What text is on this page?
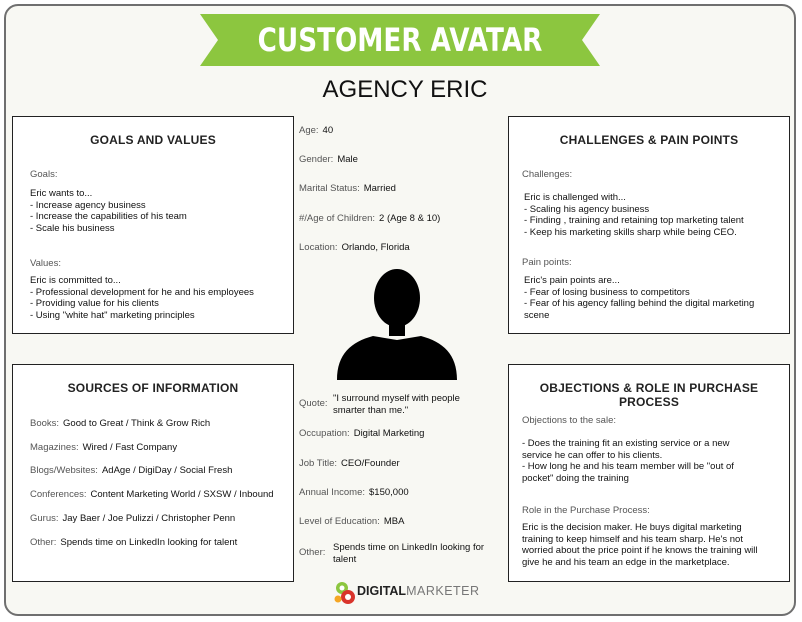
CUSTOMER AVATAR
AGENCY ERIC
GOALS AND VALUES
Goals:
Eric wants to...
- Increase agency business
- Increase the capabilities of his team
- Scale his business
Values:
Eric is committed to...
- Professional development for he and his employees
- Providing value for his clients
- Using "white hat" marketing principles
CHALLENGES & PAIN POINTS
Challenges:
Eric is challenged with...
- Scaling his agency business
- Finding , training and retaining top marketing talent
- Keep his marketing skills sharp while being CEO.
Pain points:
Eric's pain points are...
- Fear of losing business to competitors
- Fear of his agency falling behind the digital marketing
scene
Age: 40
Gender: Male
Marital Status: Married
#/Age of Children: 2 (Age 8 & 10)
Location: Orlando, Florida
SOURCES OF INFORMATION
Books: Good to Great / Think & Grow Rich
Magazines: Wired / Fast Company
Blogs/Websites: AdAge / DigiDay / Social Fresh
Conferences: Content Marketing World / SXSW / Inbound
Gurus: Jay Baer / Joe Pulizzi / Christopher Penn
Other: Spends time on LinkedIn looking for talent
Quote: "I surround myself with people
smarter than me."
Occupation: Digital Marketing
Job Title: CEO/Founder
Annual Income: $150,000
Level of Education: MBA
Other: Spends time on LinkedIn looking for
talent
OBJECTIONS & ROLE IN PURCHASE PROCESS
Objections to the sale:
- Does the training fit an existing service or a new
service he can offer to his clients.
- How long he and his team member will be "out of
pocket" doing the training
Role in the Purchase Process:
Eric is the decision maker. He buys digital marketing
training to keep himself and his team sharp. He's not
worried about the price point if he knows the training will
give he and his team an edge in the marketplace.
DIGITALMARKETER
